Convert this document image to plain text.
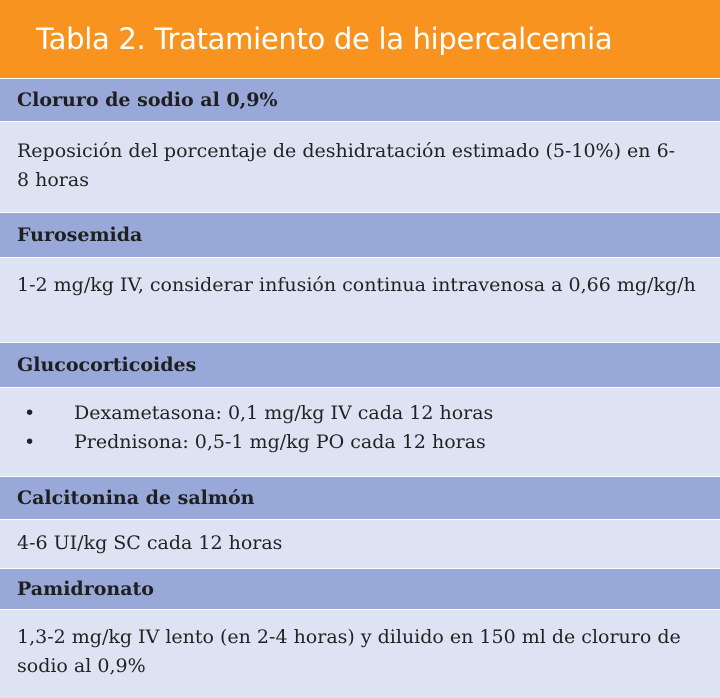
Tabla 2. Tratamiento de la hipercalcemia
Cloruro de sodio al 0,9%
Reposición del porcentaje de deshidratación estimado (5-10%) en 6-8 horas
Furosemida
1-2 mg/kg IV, considerar infusión continua intravenosa a 0,66 mg/kg/h
Glucocorticoides
• Dexametasona: 0,1 mg/kg IV cada 12 horas
• Prednisona: 0,5-1 mg/kg PO cada 12 horas
Calcitonina de salmón
4-6 UI/kg SC cada 12 horas
Pamidronato
1,3-2 mg/kg IV lento (en 2-4 horas) y diluido en 150 ml de cloruro de sodio al 0,9%
